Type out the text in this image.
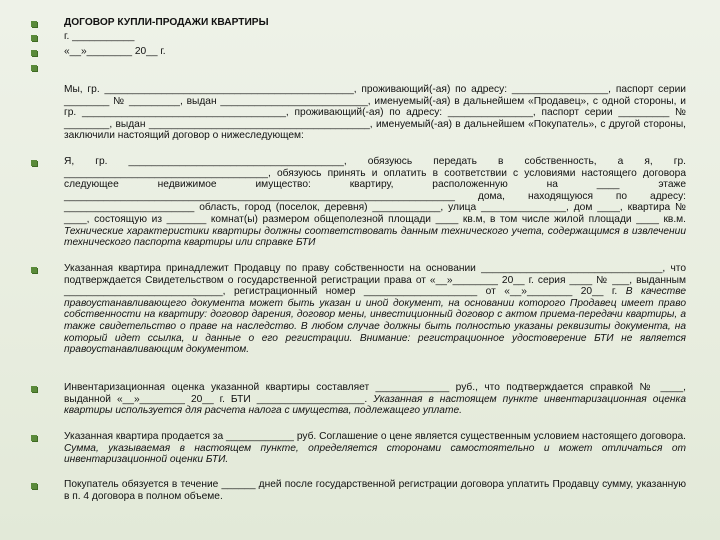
ДОГОВОР КУПЛИ-ПРОДАЖИ КВАРТИРЫ
г. ___________
«__»________ 20__ г.
Мы, гр. ____________________________________________, проживающий(-ая) по адресу: _________________, паспорт серии ________ № _________, выдан __________________________, именуемый(-ая) в дальнейшем «Продавец», с одной стороны, и гр. ____________________________________, проживающий(-ая) по адресу: _______________, паспорт серии _________ № ________, выдан _______________________________________, именуемый(-ая) в дальнейшем «Покупатель», с другой стороны, заключили настоящий договор о нижеследующем:
Я, гр. ______________________________________, обязуюсь передать в собственность, а я, гр. ____________________________________, обязуюсь принять и оплатить в соответствии с условиями настоящего договора следующее недвижимое имущество: квартиру, расположенную на ____ этаже _____________________________________________________________________ дома, находящуюся по адресу: _______________________ область, город (поселок, деревня) ____________, улица _______________, дом ____, квартира № ____, состоящую из _______ комнат(ы) размером общеполезной площади ____ кв.м, в том числе жилой площади ____ кв.м. Технические характеристики квартиры должны соответствовать данным технического учета, содержащимся в извлечении технического паспорта квартиры или справке БТИ
Указанная квартира принадлежит Продавцу по праву собственности на основании ________________________________, что подтверждается Свидетельством о государственной регистрации права от «__»________ 20__ г. серия ____ № ___, выданным ____________________________, регистрационный номер ____________________ от «__»________ 20__ г. В качестве правоустанавливающего документа может быть указан и иной документ, на основании которого Продавец имеет право собственности на квартиру: договор дарения, договор мены, инвестиционный договор с актом приема-передачи квартиры, а также свидетельство о праве на наследство. В любом случае должны быть полностью указаны реквизиты документа, на который идет ссылка, и данные о его регистрации. Внимание: регистрационное удостоверение БТИ не является правоустанавливающим документом.
Инвентаризационная оценка указанной квартиры составляет _____________ руб., что подтверждается справкой № ____, выданной «__»________ 20__ г. БТИ ___________________. Указанная в настоящем пункте инвентаризационная оценка квартиры используется для расчета налога с имущества, подлежащего уплате.
Указанная квартира продается за ____________ руб. Соглашение о цене является существенным условием настоящего договора. Сумма, указываемая в настоящем пункте, определяется сторонами самостоятельно и может отличаться от инвентаризационной оценки БТИ.
Покупатель обязуется в течение ______ дней после государственной регистрации договора уплатить Продавцу сумму, указанную в п. 4 договора в полном объеме.
